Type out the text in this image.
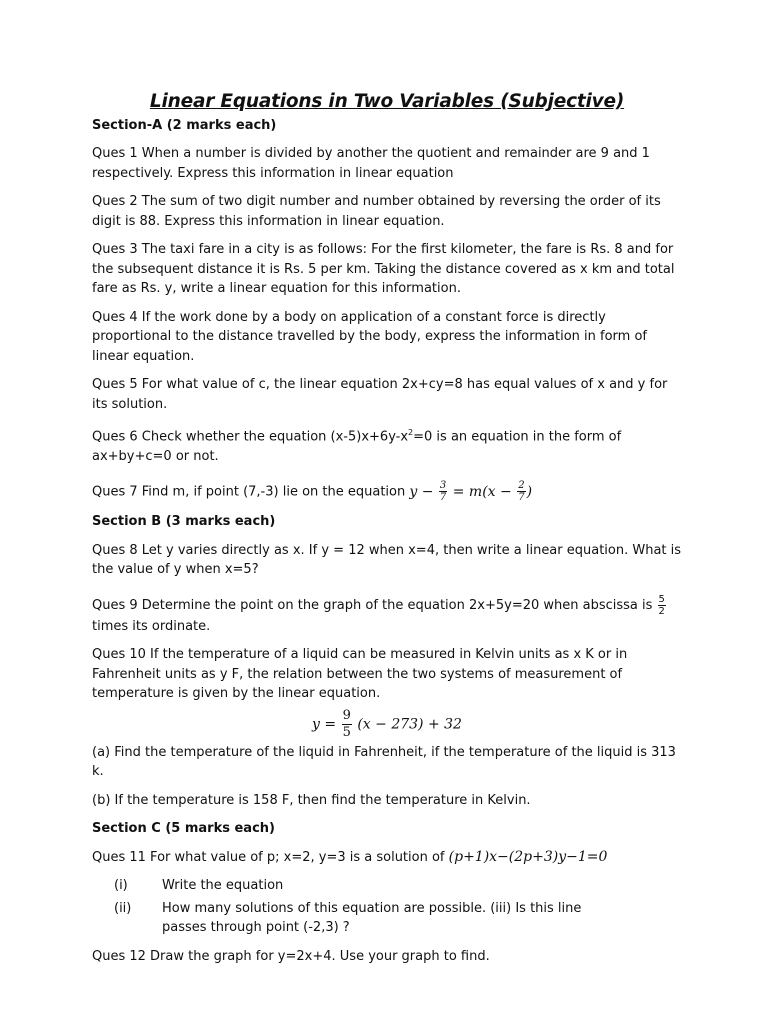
Linear Equations in Two Variables (Subjective)
Section-A (2 marks each)
Ques 1 When a number is divided by another the quotient and remainder are 9 and 1 respectively. Express this information in linear equation
Ques 2 The sum of two digit number and number obtained by reversing the order of its digit is 88. Express this information in linear equation.
Ques 3 The taxi fare in a city is as follows: For the first kilometer, the fare is Rs. 8 and for the subsequent distance it is Rs. 5 per km. Taking the distance covered as x km and total fare as Rs. y, write a linear equation for this information.
Ques 4 If the work done by a body on application of a constant force is directly proportional to the distance travelled by the body, express the information in form of linear equation.
Ques 5 For what value of c, the linear equation 2x+cy=8 has equal values of x and y for its solution.
Ques 6 Check whether the equation $(x-5)x+6y-x^2=0$ is an equation in the form of ax+by+c=0 or not.
Ques 7 Find m, if point (7,-3) lie on the equation $y - \frac{3}{7} = m(x - \frac{2}{7}$ )
Section B (3 marks each)
Ques 8 Let y varies directly as x. If y = 12 when x=4, then write a linear equation. What is the value of y when x=5?
Ques 9 Determine the point on the graph of the equation 2x+5y=20 when abscissa is $\frac{5}{2}$
times its ordinate.
Ques 10 If the temperature of a liquid can be measured in Kelvin units as x K or in Fahrenheit units as y F, the relation between the two systems of measurement of temperature is given by the linear equation.
$y = \frac{9}{5} (x - 273) + 32$
(a) Find the temperature of the liquid in Fahrenheit, if the temperature of the liquid is 313 k.
(b) If the temperature is 158 F, then find the temperature in Kelvin.
Section C (5 marks each)
Ques 11 For what value of p; x=2, y=3 is a solution of (p+1)x−(2p+3)y−1=0
(i)	Write the equation
(ii)	How many solutions of this equation are possible. (iii) Is this line passes through point (-2,3) ?
Ques 12 Draw the graph for y=2x+4. Use your graph to find.
